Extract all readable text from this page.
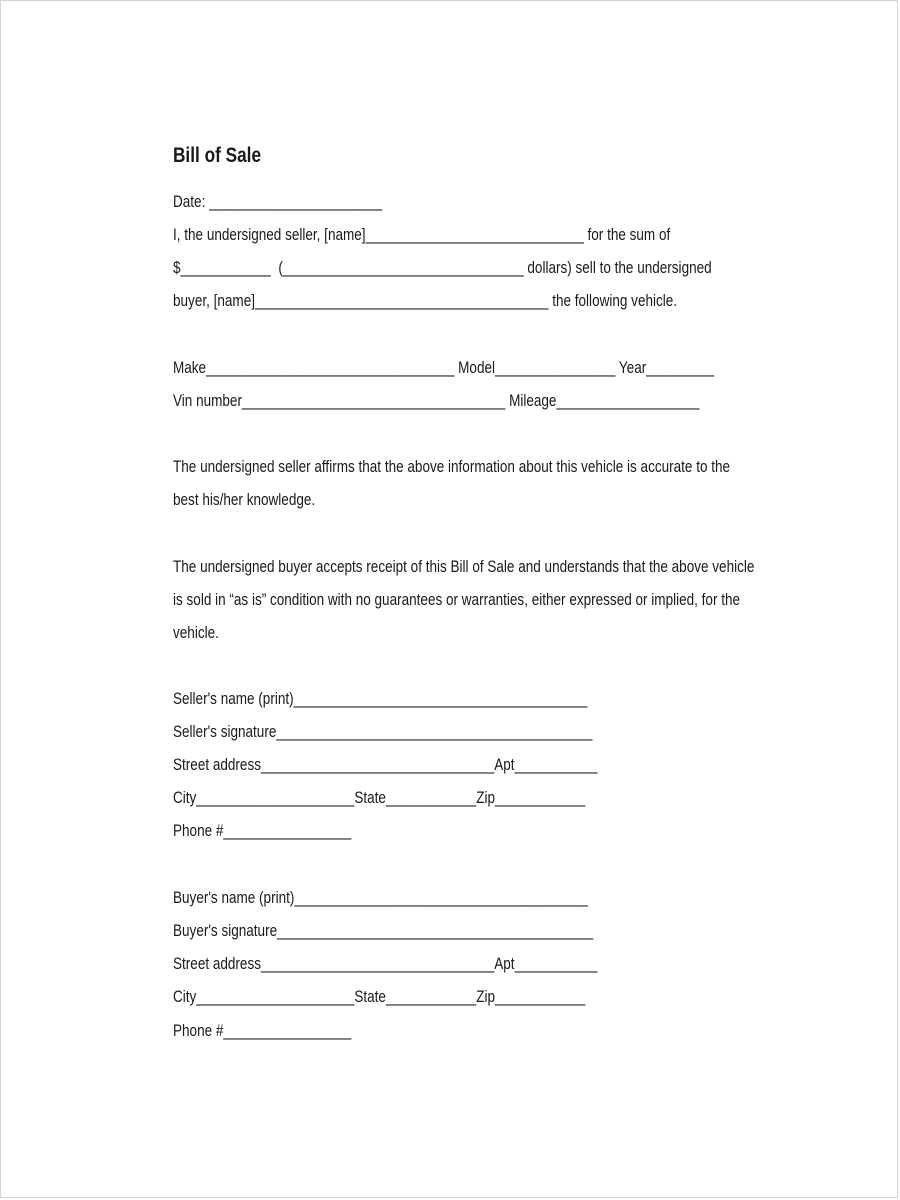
Bill of Sale
Date: _______________________
I, the undersigned seller, [name]_____________________________ for the sum of
$____________  (________________________________ dollars) sell to the undersigned
buyer, [name]_______________________________________ the following vehicle.
Make_________________________________ Model________________ Year_________
Vin number___________________________________ Mileage___________________
The undersigned seller affirms that the above information about this vehicle is accurate to the
best his/her knowledge.
The undersigned buyer accepts receipt of this Bill of Sale and understands that the above vehicle
is sold in “as is” condition with no guarantees or warranties, either expressed or implied, for the
vehicle.
Seller's name (print)_______________________________________
Seller's signature__________________________________________
Street address_______________________________Apt___________
City_____________________State____________Zip____________
Phone #_________________
Buyer's name (print)_______________________________________
Buyer's signature__________________________________________
Street address_______________________________Apt___________
City_____________________State____________Zip____________
Phone #_________________
